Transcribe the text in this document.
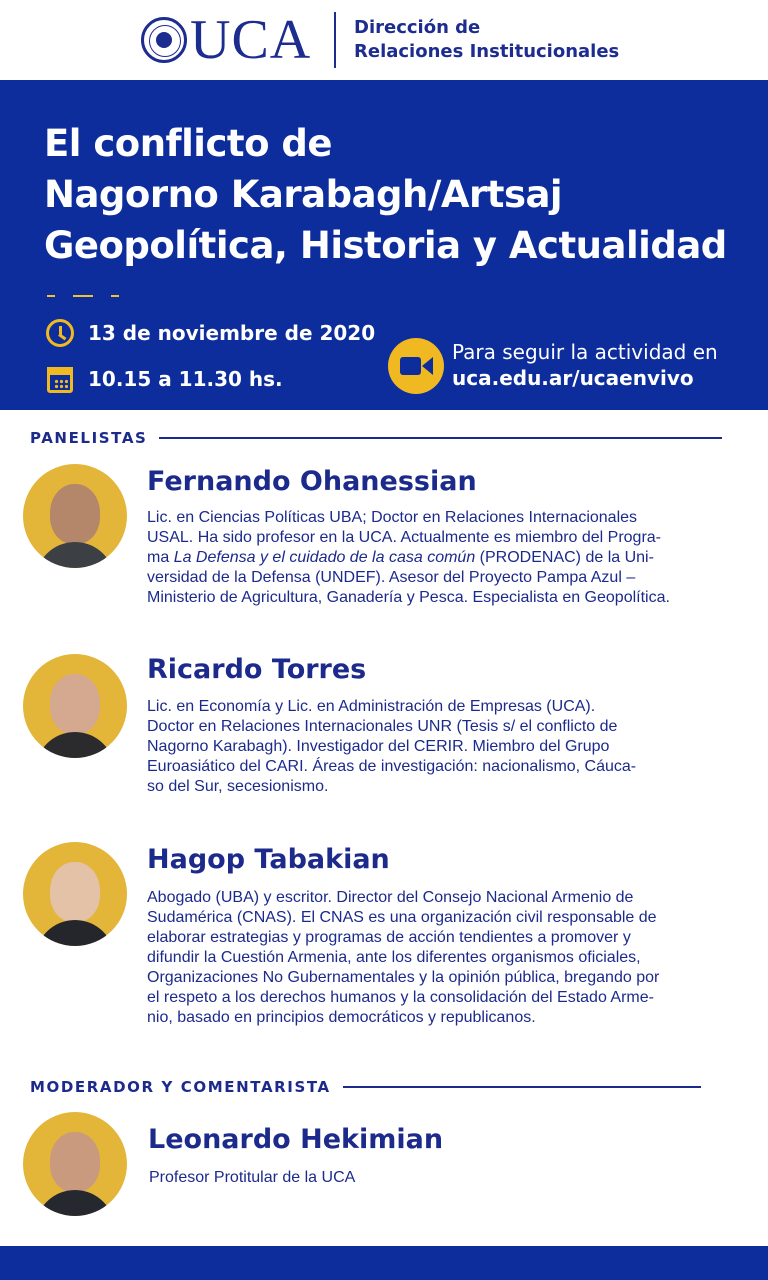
UCA Dirección de
Relaciones Institucionales
El conflicto de
Nagorno Karabagh/Artsaj
Geopolítica, Historia y Actualidad
13 de noviembre de 2020
10.15 a 11.30 hs.
Para seguir la actividad en
uca.edu.ar/ucaenvivo
PANELISTAS
Fernando Ohanessian
Lic. en Ciencias Políticas UBA; Doctor en Relaciones Internacionales
USAL. Ha sido profesor en la UCA. Actualmente es miembro del Progra-
ma La Defensa y el cuidado de la casa común (PRODENAC) de la Uni-
versidad de la Defensa (UNDEF). Asesor del Proyecto Pampa Azul –
Ministerio de Agricultura, Ganadería y Pesca. Especialista en Geopolítica.
Ricardo Torres
Lic. en Economía y Lic. en Administración de Empresas (UCA).
Doctor en Relaciones Internacionales UNR (Tesis s/ el conflicto de
Nagorno Karabagh). Investigador del CERIR. Miembro del Grupo
Euroasiático del CARI. Áreas de investigación: nacionalismo, Cáuca-
so del Sur, secesionismo.
Hagop Tabakian
Abogado (UBA) y escritor. Director del Consejo Nacional Armenio de
Sudamérica (CNAS). El CNAS es una organización civil responsable de
elaborar estrategias y programas de acción tendientes a promover y
difundir la Cuestión Armenia, ante los diferentes organismos oficiales,
Organizaciones No Gubernamentales y la opinión pública, bregando por
el respeto a los derechos humanos y la consolidación del Estado Arme-
nio, basado en principios democráticos y republicanos.
MODERADOR Y COMENTARISTA
Leonardo Hekimian
Profesor Protitular de la UCA
